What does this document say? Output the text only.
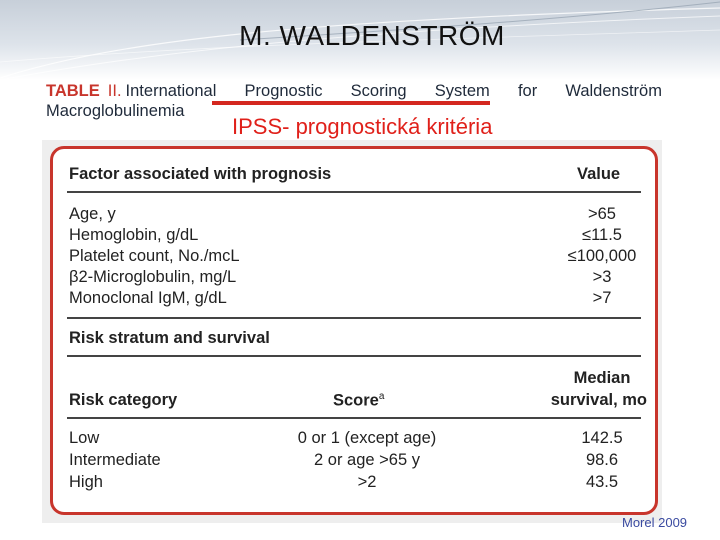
M. WALDENSTRÖM
TABLE II. International Prognostic Scoring System for Waldenström
Macroglobulinemia
IPSS- prognostická kritéria
Factor associated with prognosis	Value
Age, y	>65
Hemoglobin, g/dL	≤11.5
Platelet count, No./mcL	≤100,000
β2-Microglobulin, mg/L	>3
Monoclonal IgM, g/dL	>7
Risk stratum and survival
Median
Risk category	Score$^a$	survival, mo
Low	0 or 1 (except age)	142.5
Intermediate	2 or age >65 y	98.6
High	>2	43.5
Morel 2009
